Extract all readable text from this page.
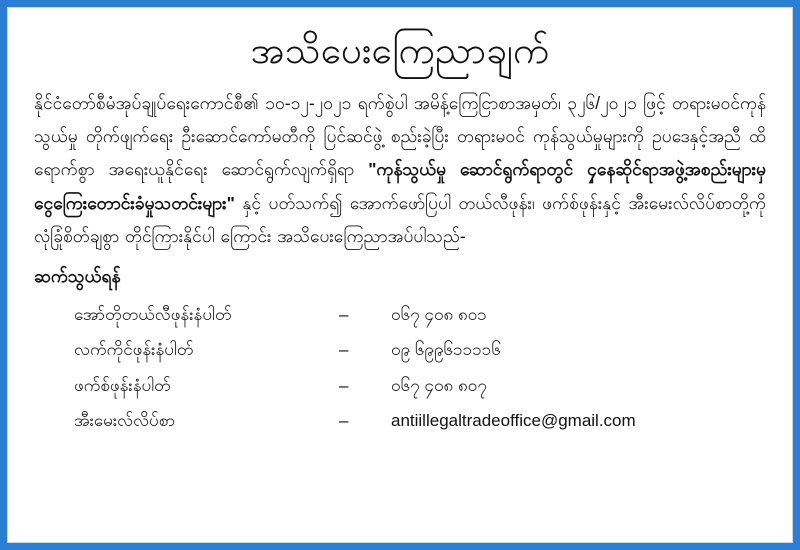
အသိပေးကြေညာချက်

နိုင်ငံတော်စီမံအုပ်ချုပ်ရေးကောင်စီ၏ ၁၀-၁၂-၂၀၂၁ ရက်စွဲပါ အမိန့်ကြေငြာစာအမှတ်၊ ၃၂၆/၂၀၂၁ ဖြင့် တရားမဝင်ကုန်သွယ်မှု တိုက်ဖျက်ရေး ဦးဆောင်ကော်မတီကို ပြင်ဆင်ဖွဲ့ စည်းခဲ့ပြီး တရားမဝင် ကုန်သွယ်မှုများကို ဥပဒေနှင့်အညီ ထိရောက်စွာ အရေးယူနိုင်ရေး ဆောင်ရွက်လျက်ရှိရာ "ကုန်သွယ်မှု ဆောင်ရွက်ရာတွင် ၄ှနေဆိုင်ရာအဖွဲ့အစည်းများမှ ငွေကြေးတောင်းခံမှုသတင်းများ" နှင့် ပတ်သက်၍ အောက်ဖော်ပြပါ တယ်လီဖုန်း၊ ဖက်စ်ဖုန်းနှင့် အီးမေးလ်လိပ်စာတို့ကို လုံခြုံစိတ်ချစွာ တိုင်ကြားနိုင်ပါ ကြောင်း အသိပေးကြေညာအပ်ပါသည်-

ဆက်သွယ်ရန်
အော်တိုတယ်လီဖုန်းနံပါတ်	–	၀၆၇ ၄၀၈ ၈၀၁
လက်ကိုင်ဖုန်းနံပါတ်	–	၀၉ ၆၉၉၆၁၁၁၁၆
ဖက်စ်ဖုန်းနံပါတ်	–	၀၆၇ ၄၀၈ ၈၀၇
အီးမေးလ်လိပ်စာ	–	antiillegaltradeoffice@gmail.com
